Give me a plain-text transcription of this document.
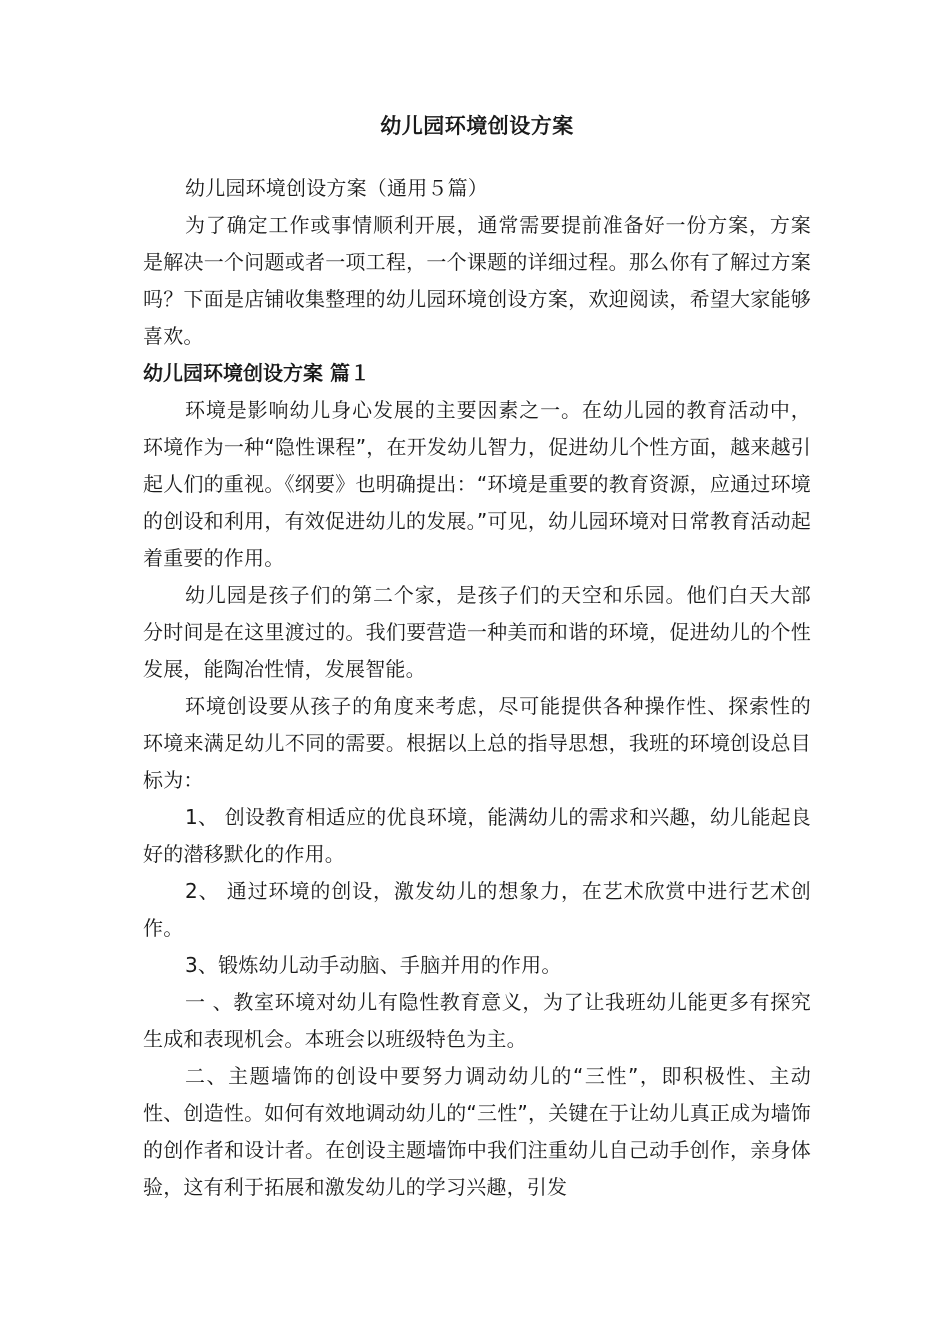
幼儿园环境创设方案

幼儿园环境创设方案（通用５篇）

为了确定工作或事情顺利开展，通常需要提前准备好一份方案，方案是解决一个问题或者一项工程，一个课题的详细过程。那么你有了解过方案吗？下面是店铺收集整理的幼儿园环境创设方案，欢迎阅读，希望大家能够喜欢。

幼儿园环境创设方案 篇１

环境是影响幼儿身心发展的主要因素之一。在幼儿园的教育活动中，环境作为一种“隐性课程”，在开发幼儿智力，促进幼儿个性方面，越来越引起人们的重视。《纲要》也明确提出：“环境是重要的教育资源，应通过环境的创设和利用，有效促进幼儿的发展。”可见，幼儿园环境对日常教育活动起着重要的作用。

幼儿园是孩子们的第二个家，是孩子们的天空和乐园。他们白天大部分时间是在这里渡过的。我们要营造一种美而和谐的环境，促进幼儿的个性发展，能陶冶性情，发展智能。

环境创设要从孩子的角度来考虑，尽可能提供各种操作性、探索性的环境来满足幼儿不同的需要。根据以上总的指导思想，我班的环境创设总目标为：

1、 创设教育相适应的优良环境，能满幼儿的需求和兴趣，幼儿能起良好的潜移默化的作用。

2、 通过环境的创设，激发幼儿的想象力，在艺术欣赏中进行艺术创作。

3、锻炼幼儿动手动脑、手脑并用的作用。

一 、教室环境对幼儿有隐性教育意义，为了让我班幼儿能更多有探究生成和表现机会。本班会以班级特色为主。

二、主题墙饰的创设中要努力调动幼儿的“三性”，即积极性、主动性、创造性。如何有效地调动幼儿的“三性”，关键在于让幼儿真正成为墙饰的创作者和设计者。在创设主题墙饰中我们注重幼儿自己动手创作，亲身体验，这有利于拓展和激发幼儿的学习兴趣，引发
